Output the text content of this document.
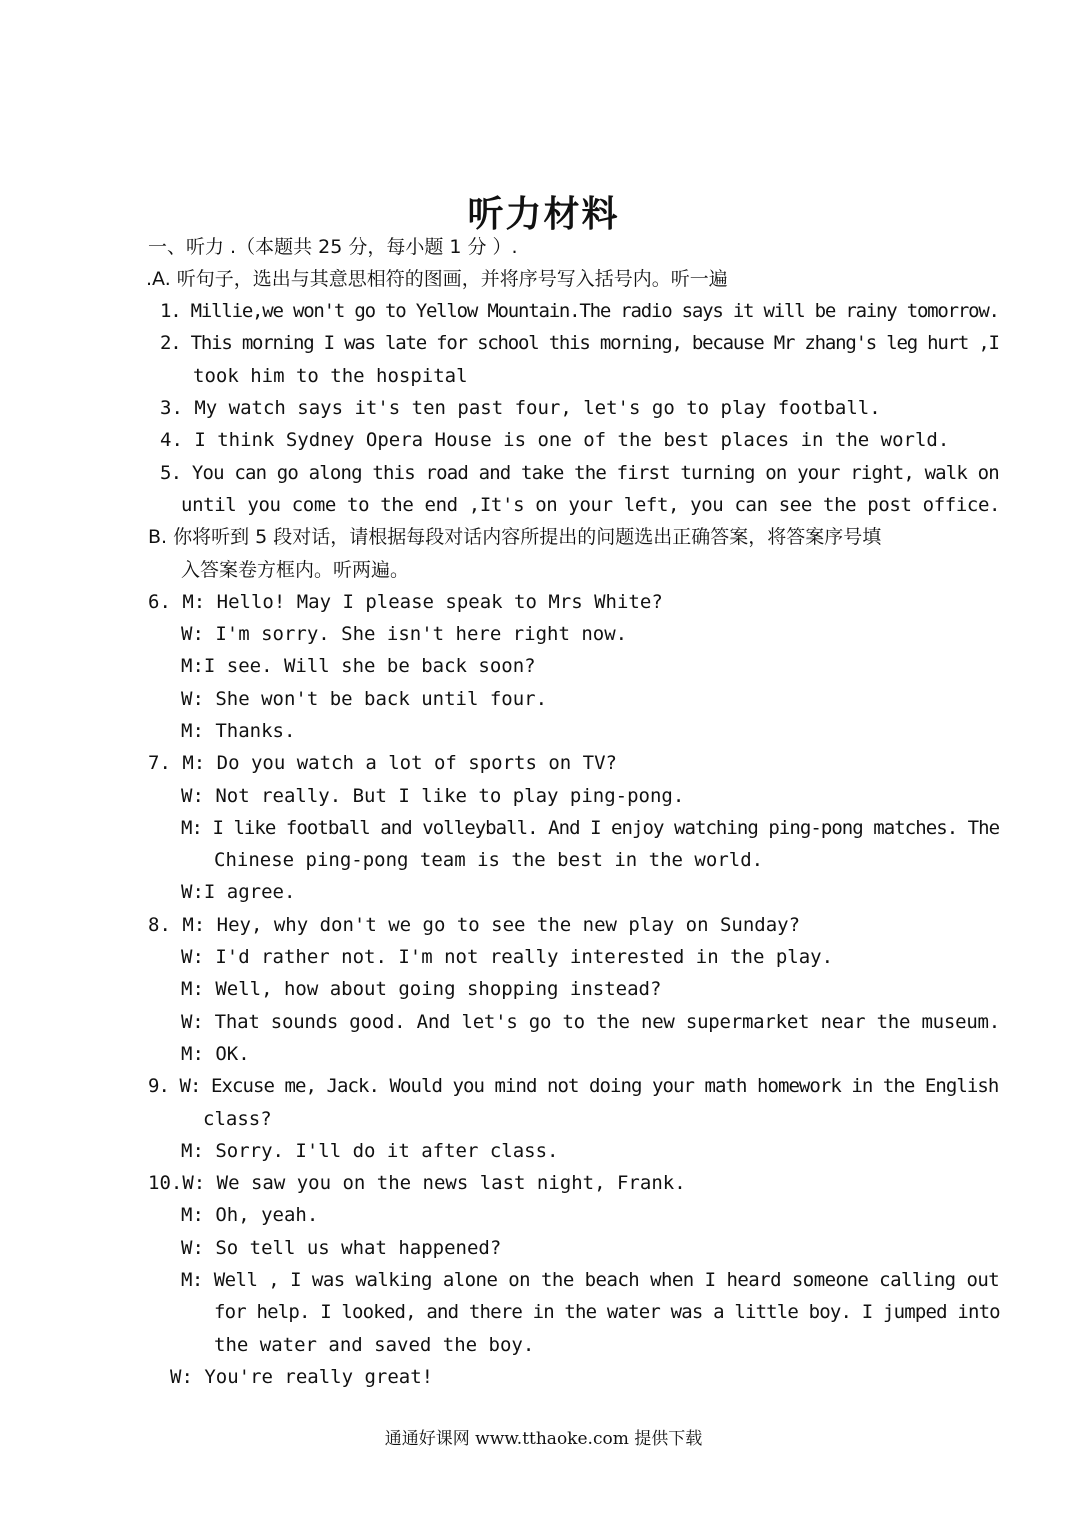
听力材料
一、听力 .（本题共 25 分，每小题 1 分 ）.
.A. 听句子，选出与其意思相符的图画，并将序号写入括号内。听一遍
1. Millie,we won't go to Yellow Mountain.The radio says it will be rainy tomorrow.
2. This morning I was late for school this morning, because Mr zhang's leg hurt ,I
took him to the hospital
3. My watch says it's ten past four, let's go to play football.
4. I think Sydney Opera House is one of the best places in the world.
5. You can go along this road and take the first turning on your right, walk on
until you come to the end ,It's on your left, you can see the post office.
B. 你将听到 5 段对话，请根据每段对话内容所提出的问题选出正确答案，将答案序号填
入答案卷方框内。听两遍。
6. M: Hello! May I please speak to Mrs White?
W: I'm sorry. She isn't here right now.
M:I see. Will she be back soon?
W: She won't be back until four.
M: Thanks.
7. M: Do you watch a lot of sports on TV?
W: Not really. But I like to play ping-pong.
M: I like football and volleyball. And I enjoy watching ping-pong matches. The
Chinese ping-pong team is the best in the world.
W:I agree.
8. M: Hey, why don't we go to see the new play on Sunday?
W: I'd rather not. I'm not really interested in the play.
M: Well, how about going shopping instead?
W: That sounds good. And let's go to the new supermarket near the museum.
M: OK.
9. W: Excuse me, Jack. Would you mind not doing your math homework in the English
class?
M: Sorry. I'll do it after class.
10.W: We saw you on the news last night, Frank.
M: Oh, yeah.
W: So tell us what happened?
M: Well , I was walking alone on the beach when I heard someone calling out
for help. I looked, and there in the water was a little boy. I jumped into
the water and saved the boy.
W: You're really great!
通通好课网 www.tthaoke.com 提供下载
